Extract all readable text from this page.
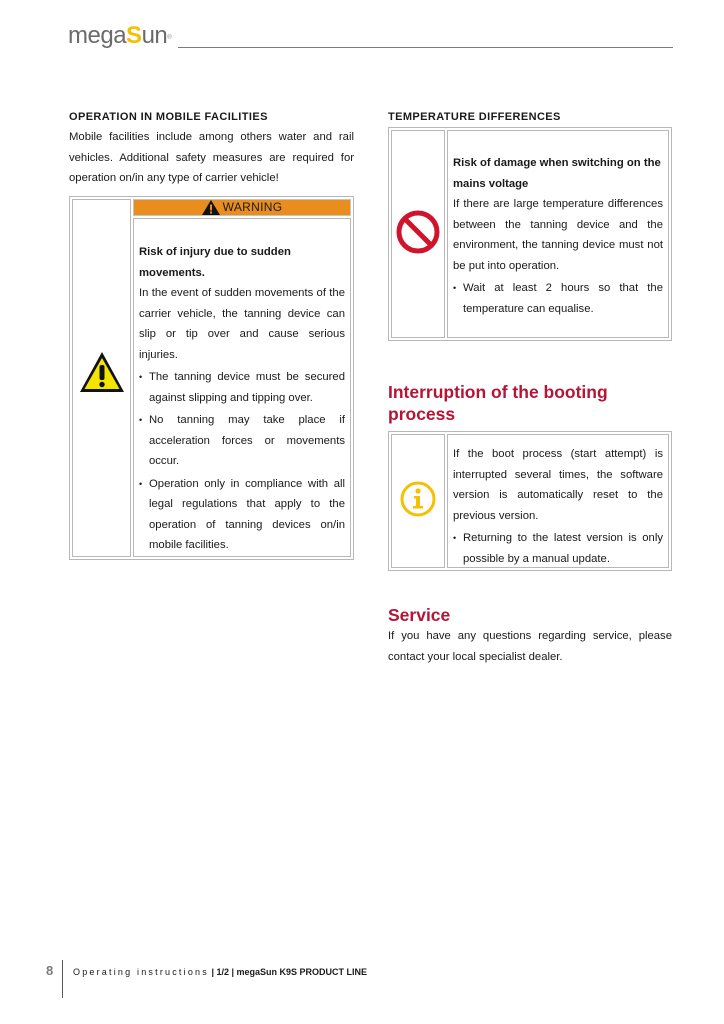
megaSun®
OPERATION IN MOBILE FACILITIES

Mobile facilities include among others water and rail vehicles. Additional safety measures are required for operation on/in any type of carrier vehicle!

WARNING

Risk of injury due to sudden movements.

In the event of sudden movements of the carrier vehicle, the tanning device can slip or tip over and cause serious injuries.

• The tanning device must be secured against slipping and tipping over.
• No tanning may take place if acceleration forces or movements occur.
• Operation only in compliance with all legal regulations that apply to the operation of tanning devices on/in mobile facilities.
TEMPERATURE DIFFERENCES

Risk of damage when switching on the mains voltage

If there are large temperature differences between the tanning device and the environment, the tanning device must not be put into operation.

• Wait at least 2 hours so that the temperature can equalise.
Interruption of the booting process

If the boot process (start attempt) is interrupted several times, the software version is automatically reset to the previous version.

• Returning to the latest version is only possible by a manual update.
Service

If you have any questions regarding service, please contact your local specialist dealer.

8 Operating instructions | 1/2 | megaSun K9S PRODUCT LINE
